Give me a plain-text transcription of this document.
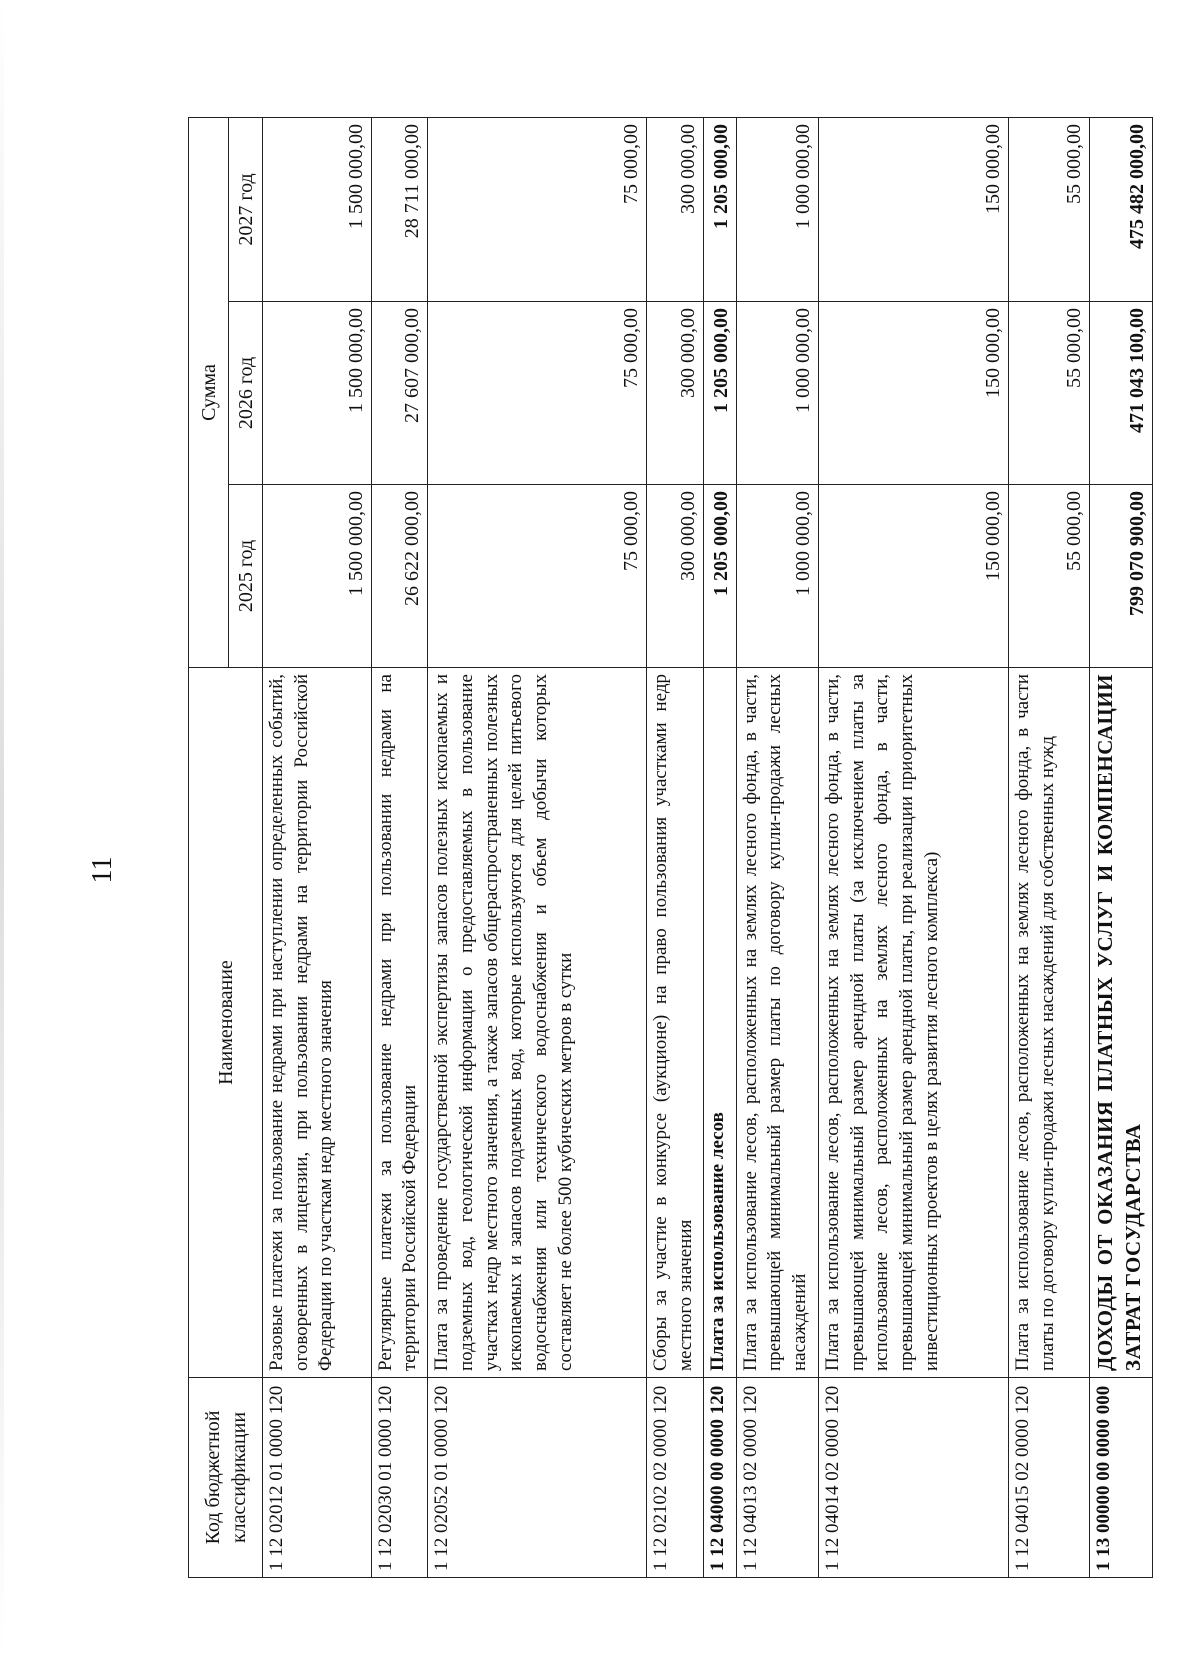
11
Код бюджетной классификации	Наименование	Сумма		
		2025 год	2026 год	2027 год
1 12 02012 01 0000 120	Разовые платежи за пользование недрами при наступлении определенных событий, оговоренных в лицензии, при пользовании недрами на территории Российской Федерации по участкам недр местного значения	1 500 000,00	1 500 000,00	1 500 000,00
1 12 02030 01 0000 120	Регулярные платежи за пользование недрами при пользовании недрами на территории Российской Федерации	26 622 000,00	27 607 000,00	28 711 000,00
1 12 02052 01 0000 120	Плата за проведение государственной экспертизы запасов полезных ископаемых и подземных вод, геологической информации о предоставляемых в пользование участках недр местного значения, а также запасов общераспространенных полезных ископаемых и запасов подземных вод, которые используются для целей питьевого водоснабжения или технического водоснабжения и объем добычи которых составляет не более 500 кубических метров в сутки	75 000,00	75 000,00	75 000,00
1 12 02102 02 0000 120	Сборы за участие в конкурсе (аукционе) на право пользования участками недр местного значения	300 000,00	300 000,00	300 000,00
1 12 04000 00 0000 120	Плата за использование лесов	1 205 000,00	1 205 000,00	1 205 000,00
1 12 04013 02 0000 120	Плата за использование лесов, расположенных на землях лесного фонда, в части, превышающей минимальный размер платы по договору купли-продажи лесных насаждений	1 000 000,00	1 000 000,00	1 000 000,00
1 12 04014 02 0000 120	Плата за использование лесов, расположенных на землях лесного фонда, в части, превышающей минимальный размер арендной платы (за исключением платы за использование лесов, расположенных на землях лесного фонда, в части, превышающей минимальный размер арендной платы, при реализации приоритетных инвестиционных проектов в целях развития лесного комплекса)	150 000,00	150 000,00	150 000,00
1 12 04015 02 0000 120	Плата за использование лесов, расположенных на землях лесного фонда, в части платы по договору купли-продажи лесных насаждений для собственных нужд	55 000,00	55 000,00	55 000,00
1 13 00000 00 0000 000	ДОХОДЫ ОТ ОКАЗАНИЯ ПЛАТНЫХ УСЛУГ И КОМПЕНСАЦИИ ЗАТРАТ ГОСУДАРСТВА	799 070 900,00	471 043 100,00	475 482 000,00
